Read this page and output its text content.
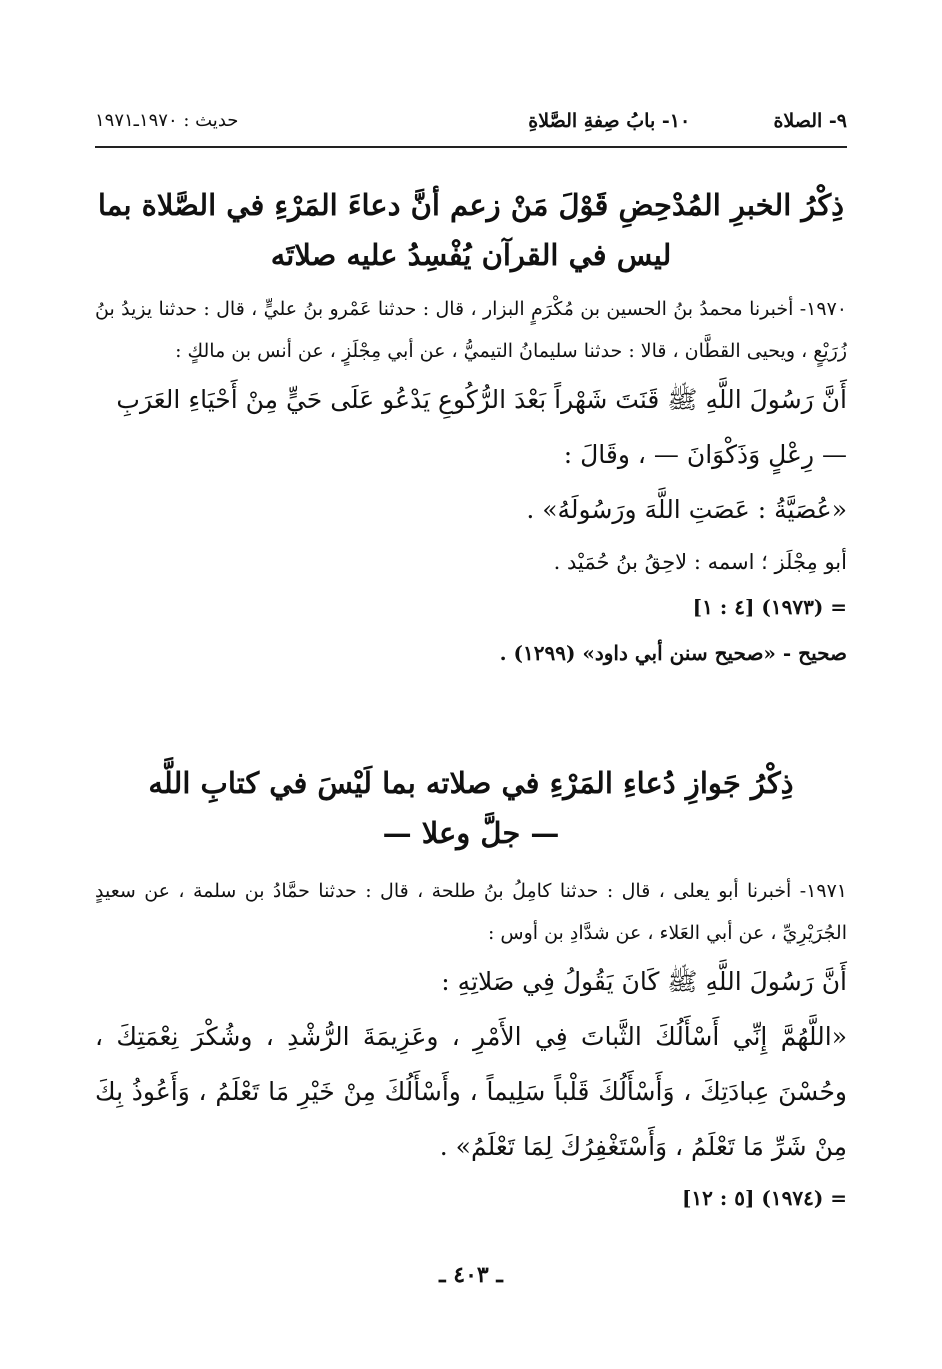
٩- الصلاة  ١٠- بابُ صِفةِ الصَّلاةِ
حديث : ١٩٧٠ـ١٩٧١
ذِكْرُ الخبرِ المُدْحِضِ قَوْلَ مَنْ زعم أنَّ دعاءَ المَرْءِ في الصَّلاة بما
ليس في القرآن يُفْسِدُ عليه صلاتَه
١٩٧٠- أخبرنا محمدُ بنُ الحسين بن مُكْرَمٍ البزار ، قال : حدثنا عَمْرو بنُ عليٍّ ، قال : حدثنا يزيدُ بنُ زُرَيْعٍ ، ويحيى القطَّان ، قالا : حدثنا سليمانُ التيميُّ ، عن أبي مِجْلَزٍ ، عن أنس بن مالكٍ :
أَنَّ رَسُولَ اللَّهِ ﷺ قَنَتَ شَهْراً بَعْدَ الرُّكُوعِ يَدْعُو عَلَى حَيٍّ مِنْ أَحْيَاءِ العَرَبِ — رِعْلٍ وَذَكْوَانَ — ، وقَالَ :
«عُصَيَّةُ : عَصَتِ اللَّهَ ورَسُولَهُ» .
أبو مِجْلَز ؛ اسمه : لاحِقُ بنُ حُمَيْد .
= (١٩٧٣) [٤ : ١]
صحيح - «صحيح سنن أبي داود» (١٢٩٩) .
ذِكْرُ جَوازِ دُعاءِ المَرْءِ في صلاته بما لَيْسَ في كتابِ اللَّه
— جلَّ وعلا —
١٩٧١- أخبرنا أبو يعلى ، قال : حدثنا كامِلُ بنُ طلحة ، قال : حدثنا حمَّادُ بن سلمة ، عن سعيدٍ الجُرَيْرِيِّ ، عن أبي العَلاء ، عن شدَّادِ بن أوس :
أَنَّ رَسُولَ اللَّهِ ﷺ كَانَ يَقُولُ فِي صَلاتِهِ :
«اللَّهُمَّ إِنِّي أَسْأَلُكَ الثَّباتَ فِي الأَمْرِ ، وعَزِيمَةَ الرُّشْدِ ، وشُكْرَ نِعْمَتِكَ ، وحُسْنَ عِبادَتِكَ ، وَأَسْأَلُكَ قَلْباً سَلِيماً ، وأَسْأَلُكَ مِنْ خَيْرِ مَا تَعْلَمُ ، وَأَعُوذُ بِكَ مِنْ شَرِّ مَا تَعْلَمُ ، وَأَسْتَغْفِرُكَ لِمَا تَعْلَمُ» .
= (١٩٧٤) [٥ : ١٢]
ـ ٤٠٣ ـ
